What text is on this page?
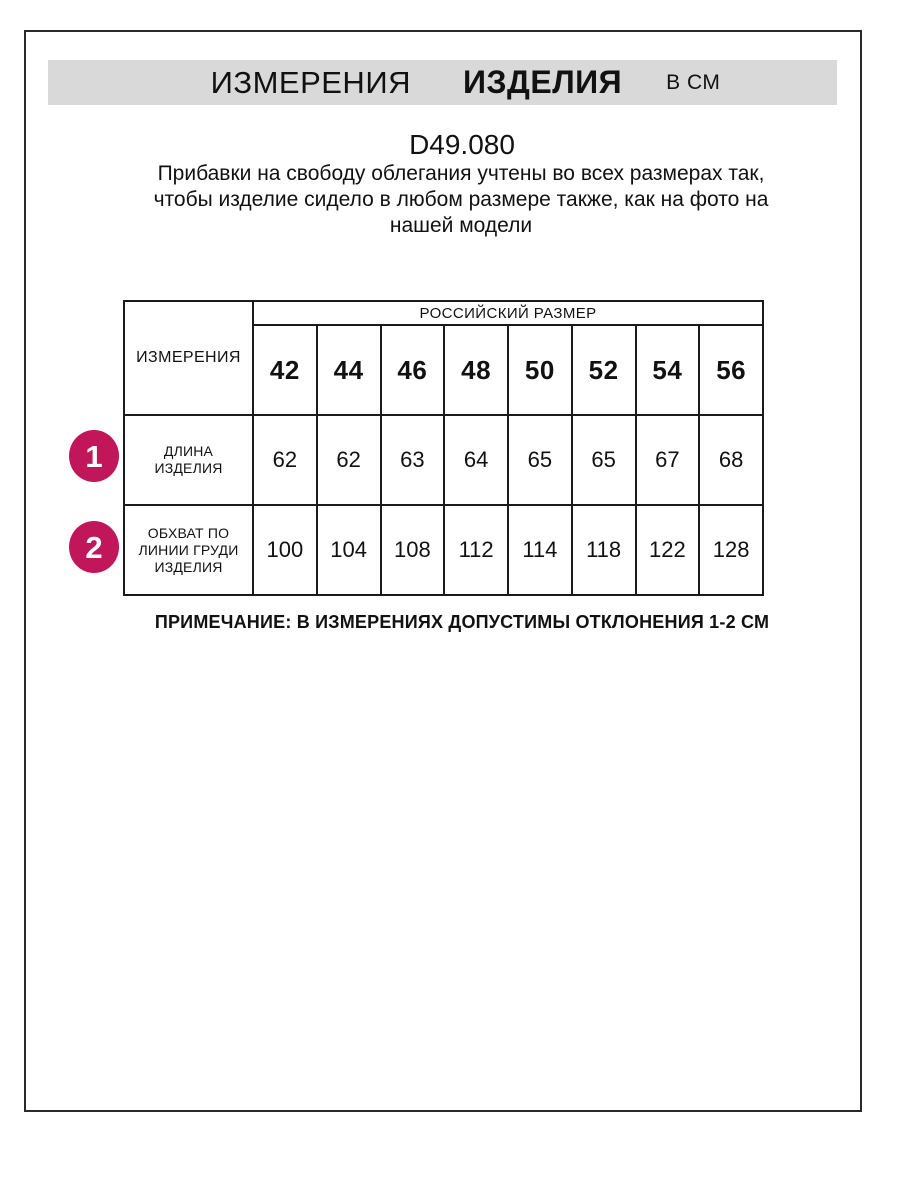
ИЗМЕРЕНИЯ ИЗДЕЛИЯ В СМ
D49.080
Прибавки на свободу облегания учтены во всех размерах так, чтобы изделие сидело в любом размере также, как на фото на нашей модели
ИЗМЕРЕНИЯ	РОССИЙСКИЙ РАЗМЕР							
	42	44	46	48	50	52	54	56

ДЛИНА ИЗДЕЛИЯ	62	62	63	64	65	65	67	68

ОБХВАТ ПО ЛИНИИ ГРУДИ ИЗДЕЛИЯ	100	104	108	112	114	118	122	128
1
2
ПРИМЕЧАНИЕ: В ИЗМЕРЕНИЯХ ДОПУСТИМЫ ОТКЛОНЕНИЯ 1-2 СМ
